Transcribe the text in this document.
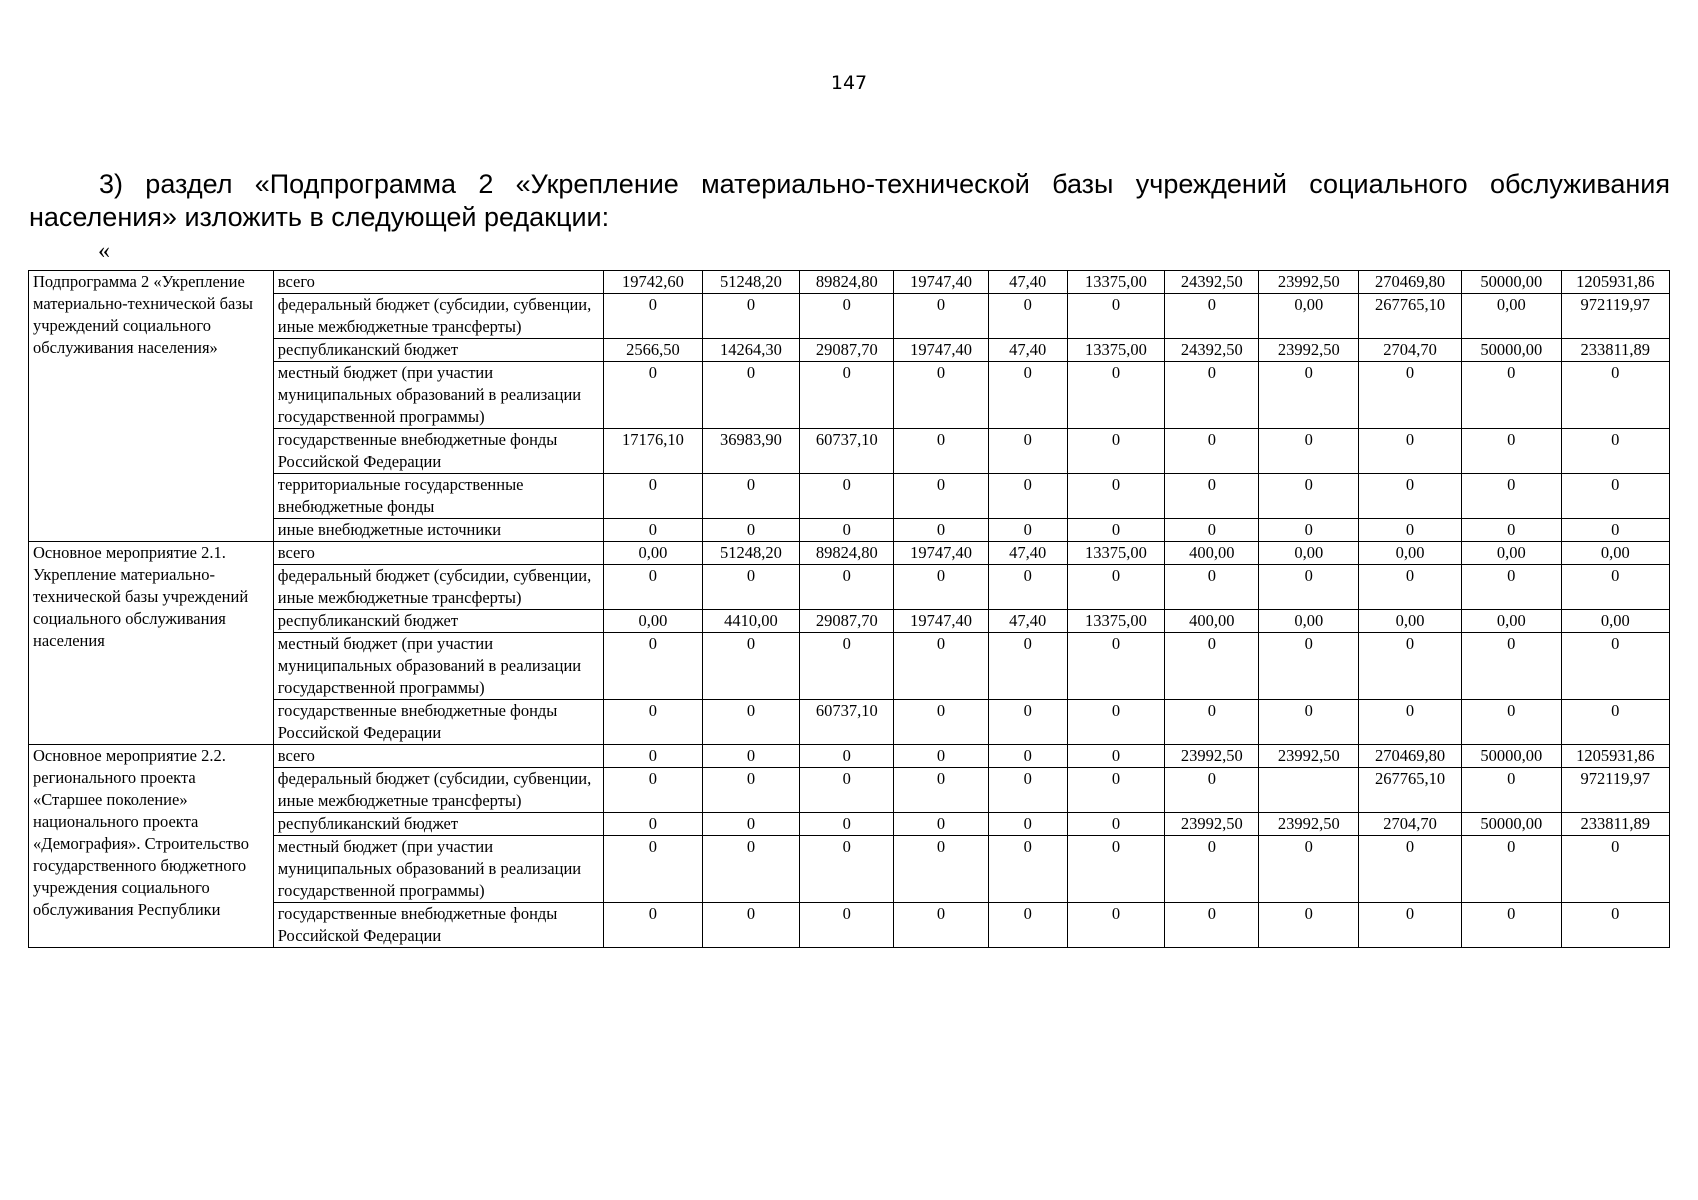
147
3) раздел «Подпрограмма 2 «Укрепление материально-технической базы учреждений социального обслуживания населения» изложить в следующей редакции:
«
Подпрограмма 2 «Укрепление материально-технической базы учреждений социального обслуживания населения»	всего	19742,60	51248,20	89824,80	19747,40	47,40	13375,00	24392,50	23992,50	270469,80	50000,00	1205931,86
	федеральный бюджет (субсидии, субвенции, иные межбюджетные трансферты)	0	0	0	0	0	0	0	0,00	267765,10	0,00	972119,97
	республиканский бюджет	2566,50	14264,30	29087,70	19747,40	47,40	13375,00	24392,50	23992,50	2704,70	50000,00	233811,89
	местный бюджет (при участии муниципальных образований в реализации государственной программы)	0	0	0	0	0	0	0	0	0	0	0
	государственные внебюджетные фонды Российской Федерации	17176,10	36983,90	60737,10	0	0	0	0	0	0	0	0
	территориальные государственные внебюджетные фонды	0	0	0	0	0	0	0	0	0	0	0
	иные внебюджетные источники	0	0	0	0	0	0	0	0	0	0	0
Основное мероприятие 2.1. Укрепление материально-технической базы учреждений социального обслуживания населения	всего	0,00	51248,20	89824,80	19747,40	47,40	13375,00	400,00	0,00	0,00	0,00	0,00
	федеральный бюджет (субсидии, субвенции, иные межбюджетные трансферты)	0	0	0	0	0	0	0	0	0	0	0
	республиканский бюджет	0,00	4410,00	29087,70	19747,40	47,40	13375,00	400,00	0,00	0,00	0,00	0,00
	местный бюджет (при участии муниципальных образований в реализации государственной программы)	0	0	0	0	0	0	0	0	0	0	0
	государственные внебюджетные фонды Российской Федерации	0	0	60737,10	0	0	0	0	0	0	0	0
Основное мероприятие 2.2. регионального проекта «Старшее поколение» национального проекта «Демография». Строительство государственного бюджетного учреждения социального обслуживания Республики	всего	0	0	0	0	0	0	23992,50	23992,50	270469,80	50000,00	1205931,86
	федеральный бюджет (субсидии, субвенции, иные межбюджетные трансферты)	0	0	0	0	0	0	0		267765,10	0	972119,97
	республиканский бюджет	0	0	0	0	0	0	23992,50	23992,50	2704,70	50000,00	233811,89
	местный бюджет (при участии муниципальных образований в реализации государственной программы)	0	0	0	0	0	0	0	0	0	0	0
	государственные внебюджетные фонды Российской Федерации	0	0	0	0	0	0	0	0	0	0	0
